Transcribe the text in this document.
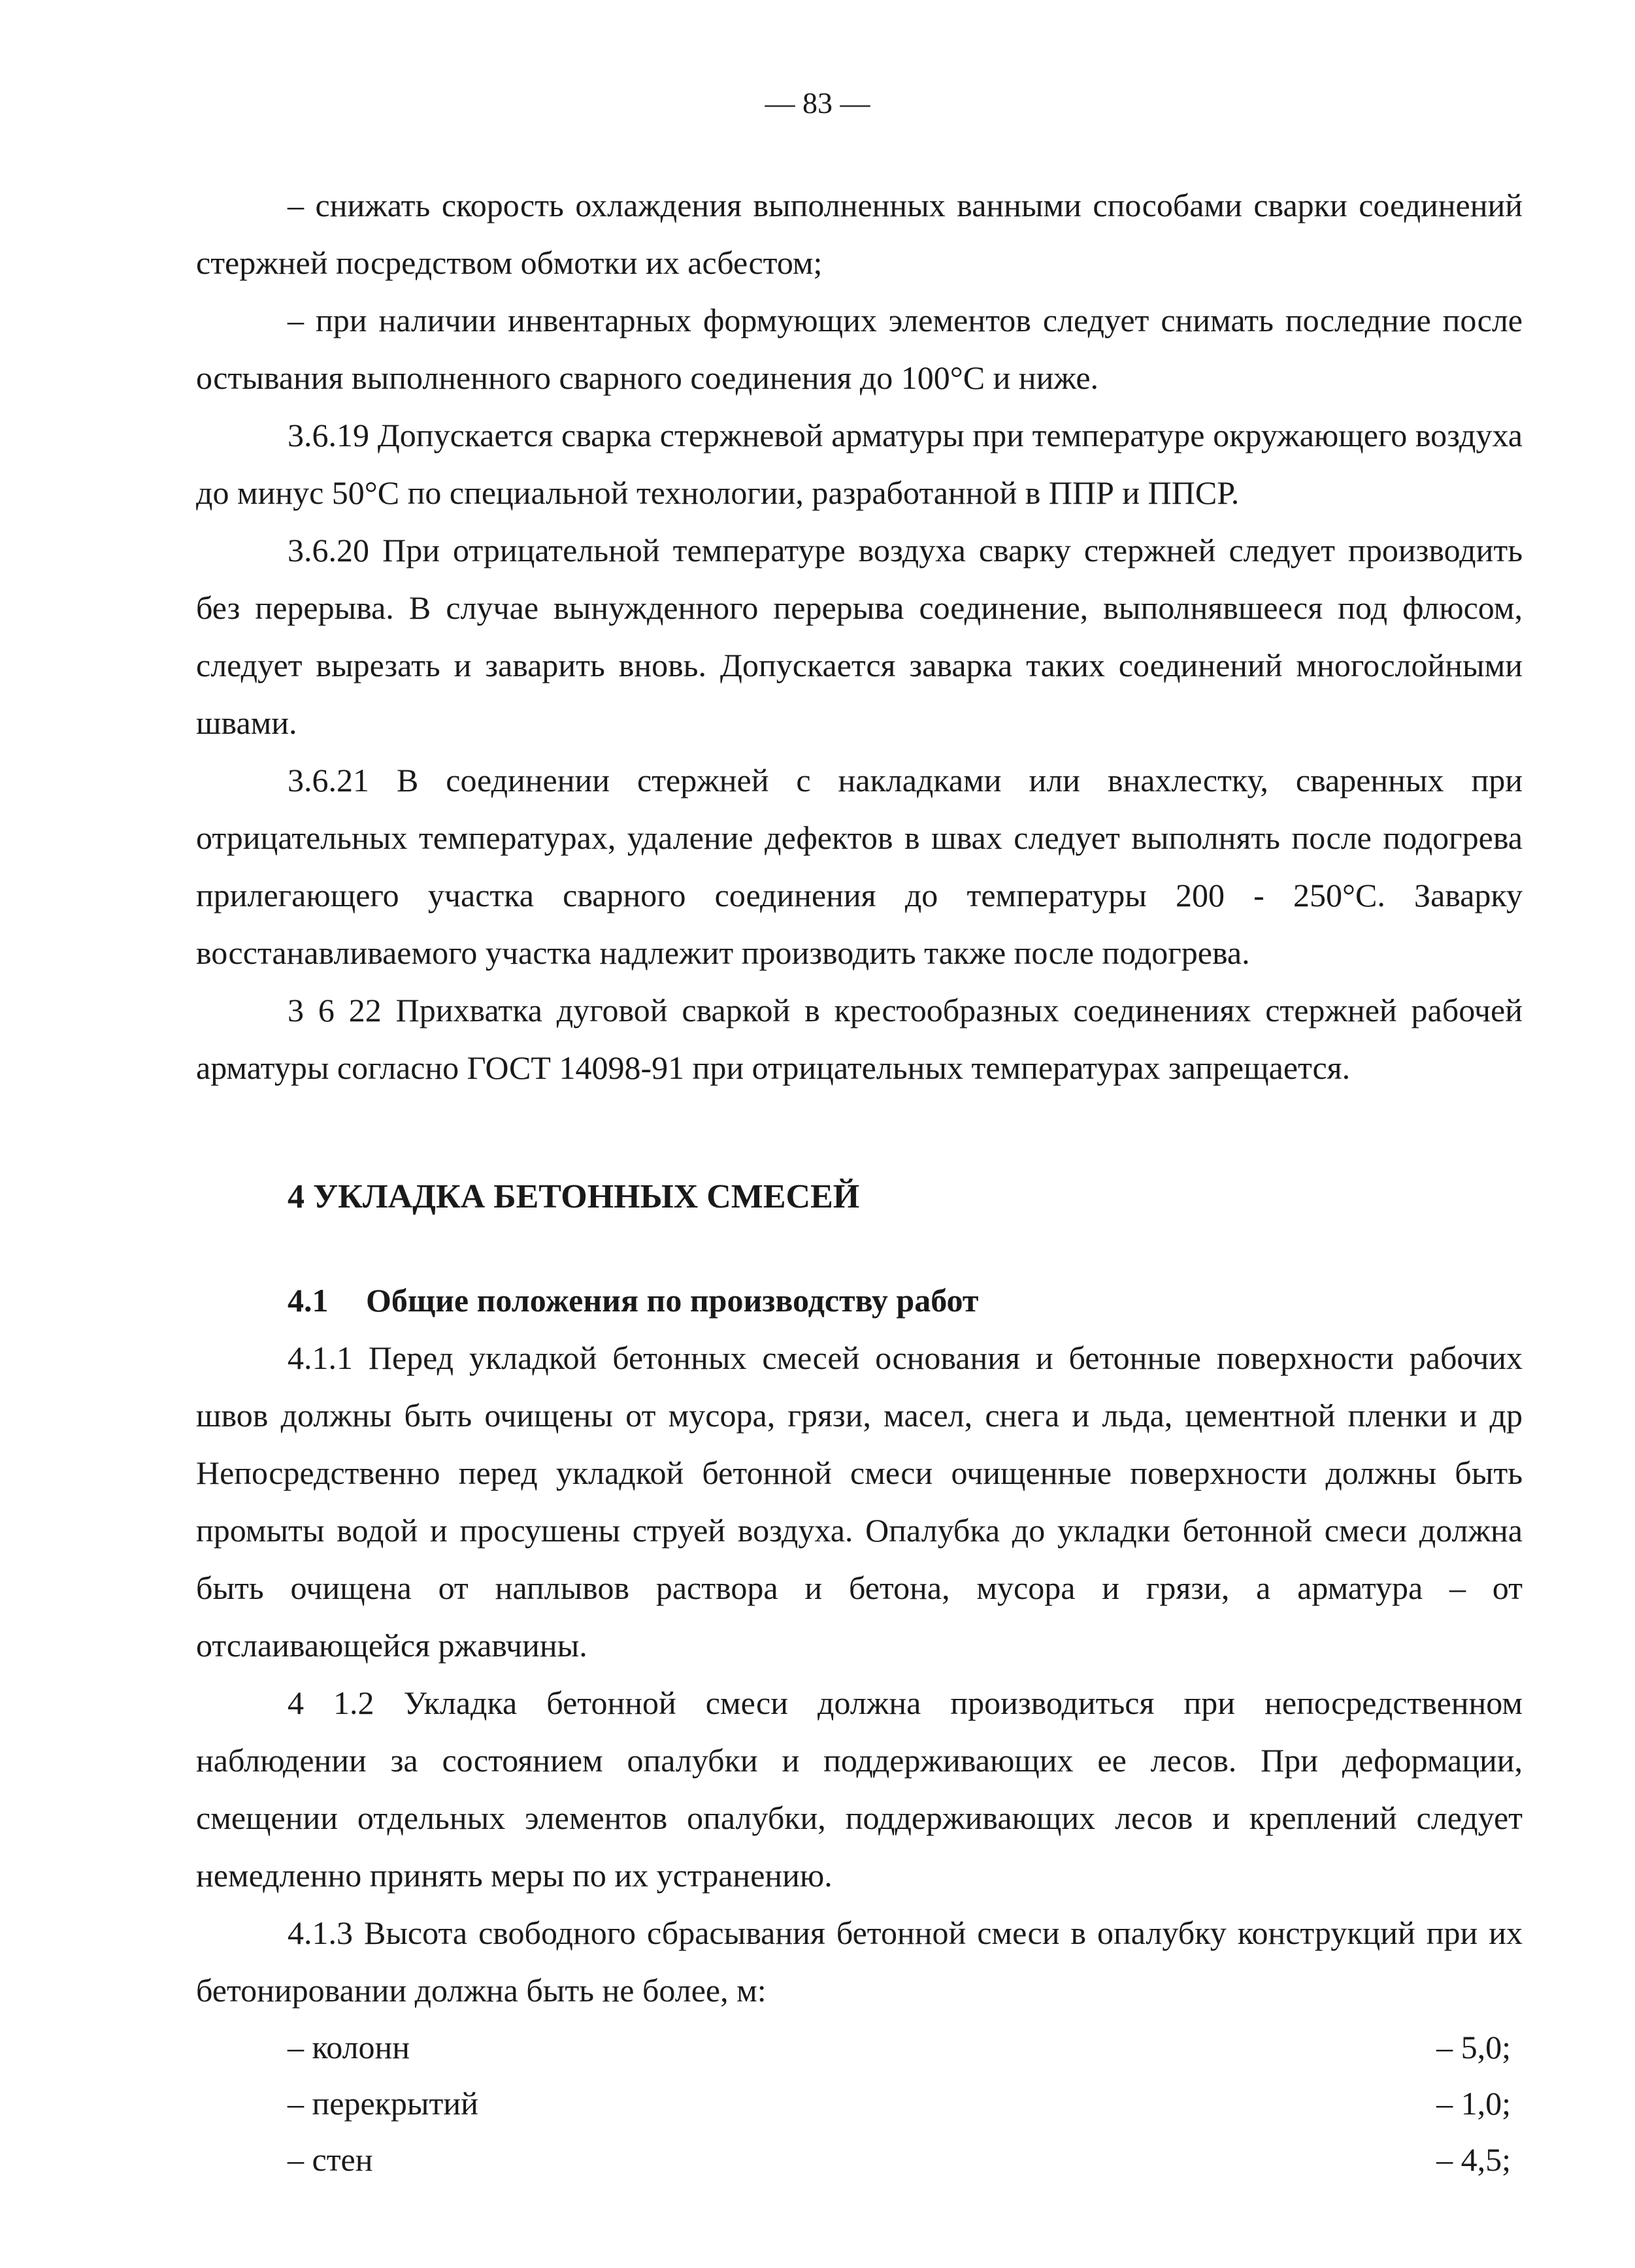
— 83 —

– снижать скорость охлаждения выполненных ванными способами сварки соединений стержней посредством обмотки их асбестом;

– при наличии инвентарных формующих элементов следует снимать последние после остывания выполненного сварного соединения до 100°С и ниже.

3.6.19 Допускается сварка стержневой арматуры при температуре окружающего воздуха до минус 50°С по специальной технологии, разработанной в ППР и ППСР.

3.6.20 При отрицательной температуре воздуха сварку стержней следует производить без перерыва. В случае вынужденного перерыва соединение, выполнявшееся под флюсом, следует вырезать и заварить вновь. Допускается заварка таких соединений многослойными швами.

3.6.21 В соединении стержней с накладками или внахлестку, сваренных при отрицательных температурах, удаление дефектов в швах следует выполнять после подогрева прилегающего участка сварного соединения до температуры 200 - 250°С. Заварку восстанавливаемого участка надлежит производить также после подогрева.

3 6 22 Прихватка дуговой сваркой в крестообразных соединениях стержней рабочей арматуры согласно ГОСТ 14098-91 при отрицательных температурах запрещается.

4 УКЛАДКА БЕТОННЫХ СМЕСЕЙ
4.1 Общие положения по производству работ

4.1.1 Перед укладкой бетонных смесей основания и бетонные поверхности рабочих швов должны быть очищены от мусора, грязи, масел, снега и льда, цементной пленки и др Непосредственно перед укладкой бетонной смеси очищенные поверхности должны быть промыты водой и просушены струей воздуха. Опалубка до укладки бетонной смеси должна быть очищена от наплывов раствора и бетона, мусора и грязи, а арматура – от отслаивающейся ржавчины.

4 1.2 Укладка бетонной смеси должна производиться при непосредственном наблюдении за состоянием опалубки и поддерживающих ее лесов. При деформации, смещении отдельных элементов опалубки, поддерживающих лесов и креплений следует немедленно принять меры по их устранению.

4.1.3 Высота свободного сбрасывания бетонной смеси в опалубку конструкций при их бетонировании должна быть не более, м:

– колонн	– 5,0;
– перекрытий	– 1,0;
– стен	– 4,5;
